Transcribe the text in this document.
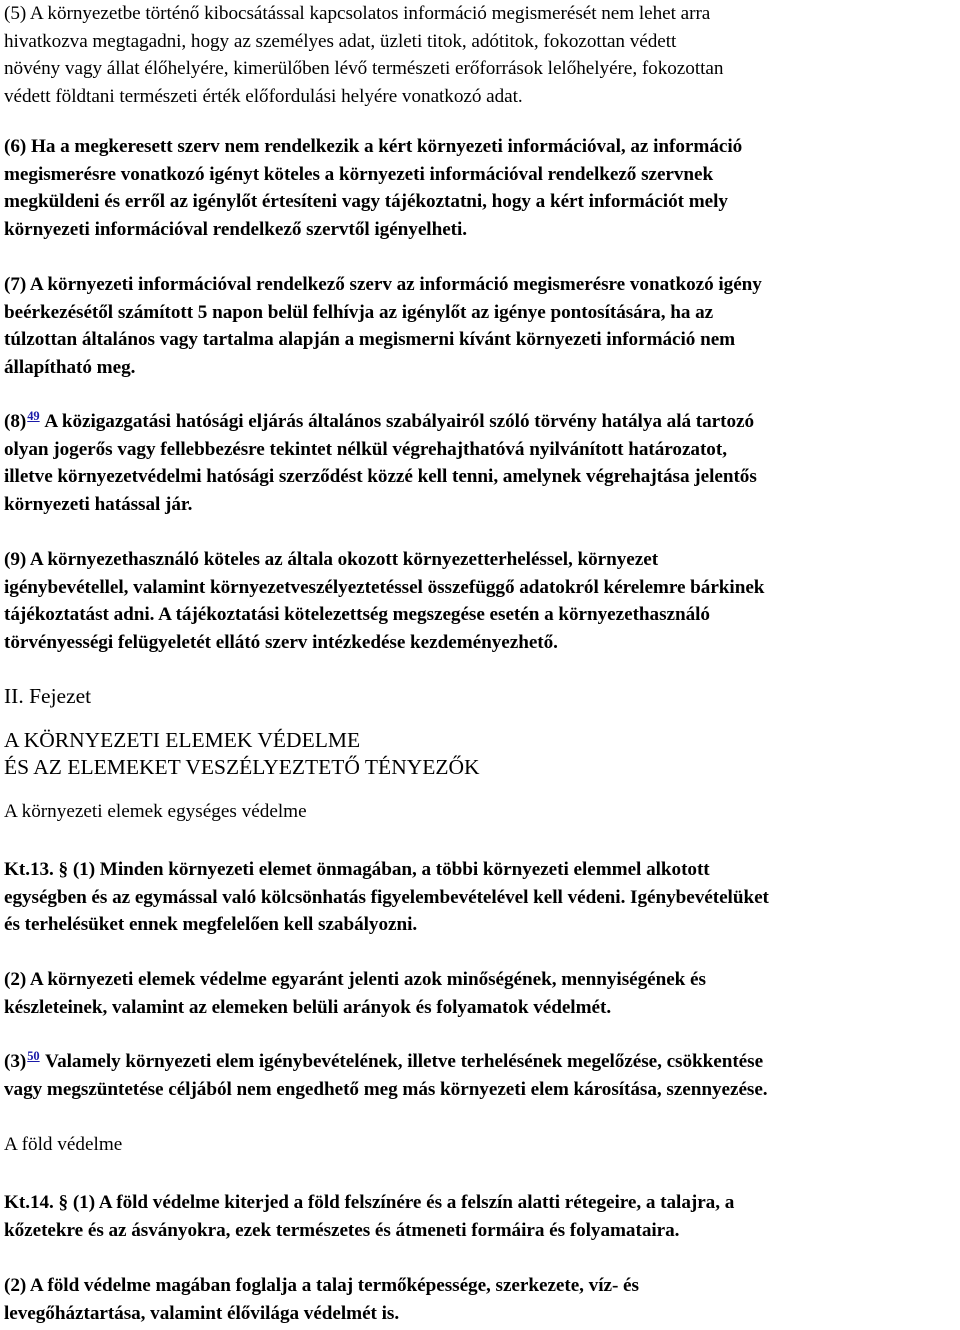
(5) A környezetbe történő kibocsátással kapcsolatos információ megismerését nem lehet arra
hivatkozva megtagadni, hogy az személyes adat, üzleti titok, adótitok, fokozottan védett
növény vagy állat élőhelyére, kimerülőben lévő természeti erőforrások lelőhelyére, fokozottan
védett földtani természeti érték előfordulási helyére vonatkozó adat.
(6) Ha a megkeresett szerv nem rendelkezik a kért környezeti információval, az információ
megismerésre vonatkozó igényt köteles a környezeti információval rendelkező szervnek
megküldeni és erről az igénylőt értesíteni vagy tájékoztatni, hogy a kért információt mely
környezeti információval rendelkező szervtől igényelheti.
(7) A környezeti információval rendelkező szerv az információ megismerésre vonatkozó igény
beérkezésétől számított 5 napon belül felhívja az igénylőt az igénye pontosítására, ha az
túlzottan általános vagy tartalma alapján a megismerni kívánt környezeti információ nem
állapítható meg.
(8)$^{49}$ A közigazgatási hatósági eljárás általános szabályairól szóló törvény hatálya alá tartozó
olyan jogerős vagy fellebbezésre tekintet nélkül végrehajthatóvá nyilvánított határozatot,
illetve környezetvédelmi hatósági szerződést közzé kell tenni, amelynek végrehajtása jelentős
környezeti hatással jár.
(9) A környezethasználó köteles az általa okozott környezetterheléssel, környezet
igénybevétellel, valamint környezetveszélyeztetéssel összefüggő adatokról kérelemre bárkinek
tájékoztatást adni. A tájékoztatási kötelezettség megszegése esetén a környezethasználó
törvényességi felügyeletét ellátó szerv intézkedése kezdeményezhető.
II. Fejezet
A KÖRNYEZETI ELEMEK VÉDELME
ÉS AZ ELEMEKET VESZÉLYEZTETŐ TÉNYEZŐK
A környezeti elemek egységes védelme
Kt.13. § (1) Minden környezeti elemet önmagában, a többi környezeti elemmel alkotott
egységben és az egymással való kölcsönhatás figyelembevételével kell védeni. Igénybevételüket
és terhelésüket ennek megfelelően kell szabályozni.
(2) A környezeti elemek védelme egyaránt jelenti azok minőségének, mennyiségének és
készleteinek, valamint az elemeken belüli arányok és folyamatok védelmét.
(3)$^{50}$ Valamely környezeti elem igénybevételének, illetve terhelésének megelőzése, csökkentése
vagy megszüntetése céljából nem engedhető meg más környezeti elem károsítása, szennyezése.
A föld védelme
Kt.14. § (1) A föld védelme kiterjed a föld felszínére és a felszín alatti rétegeire, a talajra, a
kőzetekre és az ásványokra, ezek természetes és átmeneti formáira és folyamataira.
(2) A föld védelme magában foglalja a talaj termőképessége, szerkezete, víz- és
levegőháztartása, valamint élővilága védelmét is.
